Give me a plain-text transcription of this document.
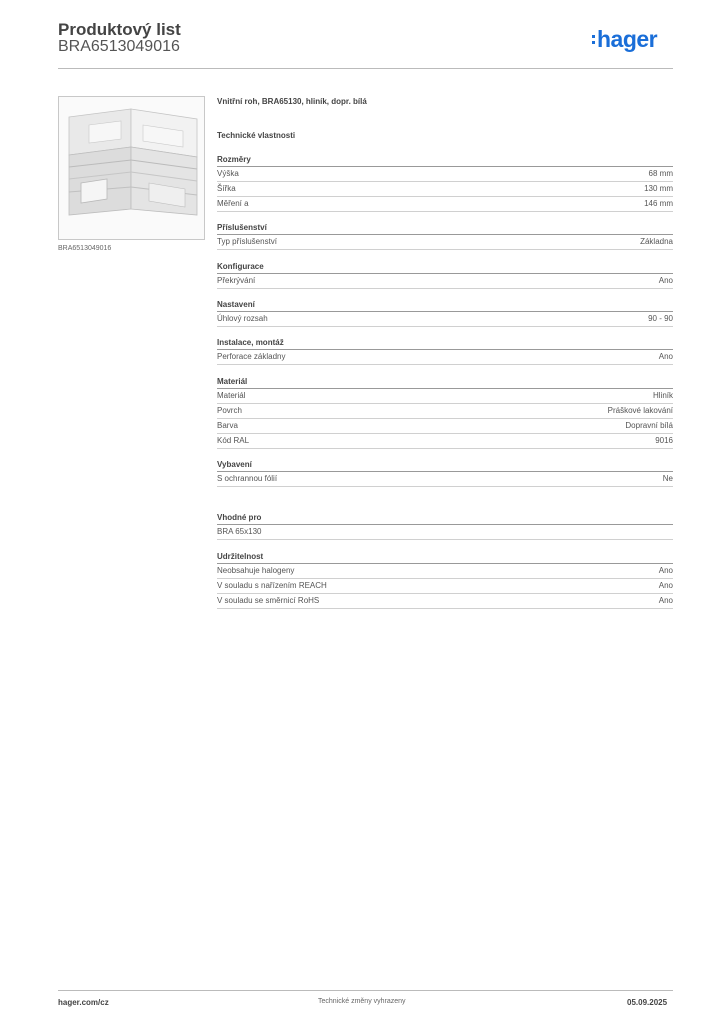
Produktový list
BRA6513049016	hager
BRA6513049016
Vnitřní roh, BRA65130, hliník, dopr. bílá
Technické vlastnosti
Rozměry
Výška	68 mm
Šířka	130 mm
Měření a	146 mm
Příslušenství
Typ příslušenství	Základna
Konfigurace
Překrývání	Ano
Nastavení
Úhlový rozsah	90 - 90
Instalace, montáž
Perforace základny	Ano
Materiál
Materiál	Hliník
Povrch	Práškové lakování
Barva	Dopravní bílá
Kód RAL	9016
Vybavení
S ochrannou fólií	Ne
Vhodné pro
BRA 65x130
Udržitelnost
Neobsahuje halogeny	Ano
V souladu s nařízením REACH	Ano
V souladu se směrnicí RoHS	Ano
hager.com/cz	Technické změny vyhrazeny	05.09.2025
